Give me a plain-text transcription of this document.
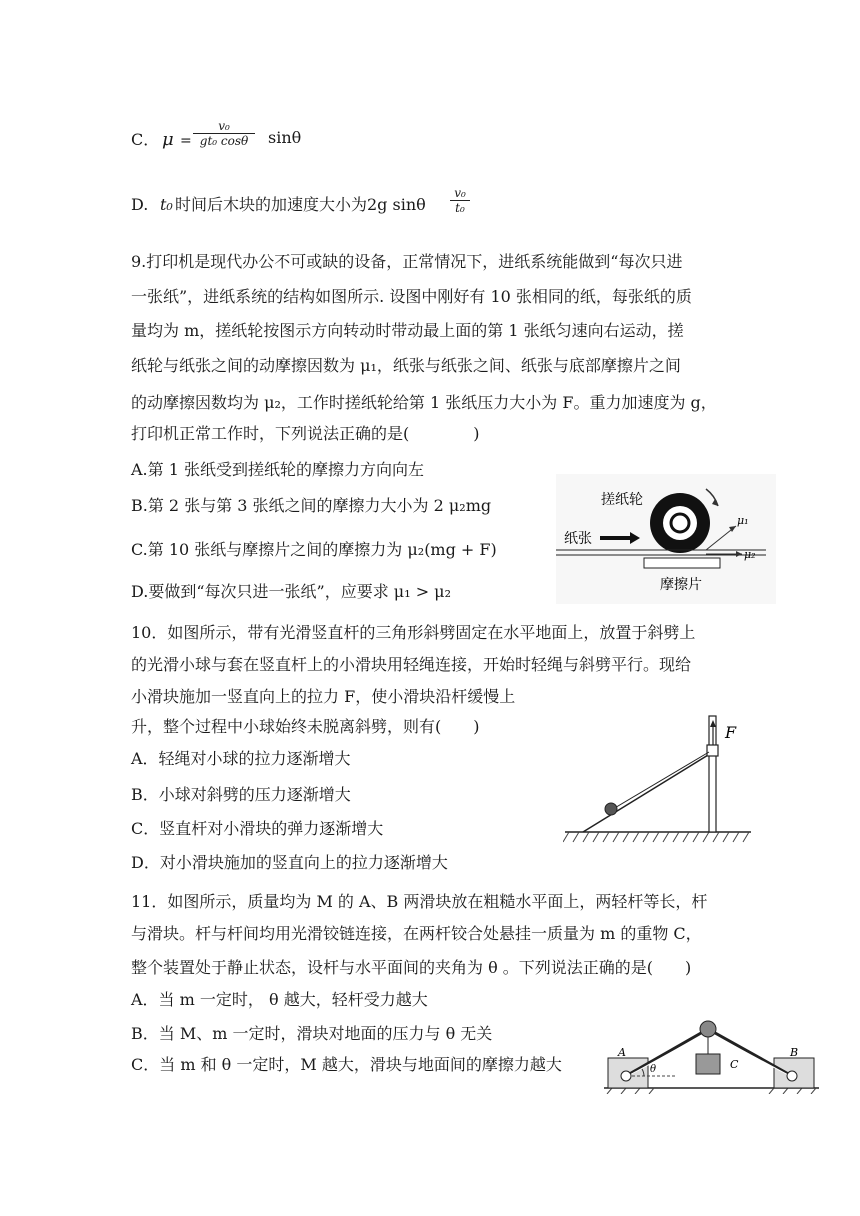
C． $\mu = \frac{\text{v₀}}{\text{gt₀ cosθ}}$ sinθ
D. t₀ 时间后木块的加速度大小为2g sinθ $\frac{\text{v₀}}{\text{t₀}}$
9.打印机是现代办公不可或缺的设备，正常情况下，进纸系统能做到“每次只进
一张纸”，进纸系统的结构如图所示. 设图中刚好有 10 张相同的纸，每张纸的质
量均为 m，搓纸轮按图示方向转动时带动最上面的第 1 张纸匀速向右运动，搓
纸轮与纸张之间的动摩擦因数为 μ₁，纸张与纸张之间、纸张与底部摩擦片之间
的动摩擦因数均为 μ₂，工作时搓纸轮给第 1 张纸压力大小为 F。重力加速度为 g，
打印机正常工作时，下列说法正确的是(　　　　)
A.第 1 张纸受到搓纸轮的摩擦力方向向左
B.第 2 张与第 3 张纸之间的摩擦力大小为 2 μ₂mg
C.第 10 张纸与摩擦片之间的摩擦力为 μ₂(mg + F)
D.要做到“每次只进一张纸”，应要求 μ₁ > μ₂
搓纸轮
纸张
摩擦片
μ₁
μ₂
10．如图所示，带有光滑竖直杆的三角形斜劈固定在水平地面上，放置于斜劈上
的光滑小球与套在竖直杆上的小滑块用轻绳连接，开始时轻绳与斜劈平行。现给
小滑块施加一竖直向上的拉力 F，使小滑块沿杆缓慢上
升，整个过程中小球始终未脱离斜劈，则有(　　)
A．轻绳对小球的拉力逐渐增大
B．小球对斜劈的压力逐渐增大
C．竖直杆对小滑块的弹力逐渐增大
D．对小滑块施加的竖直向上的拉力逐渐增大
F
11．如图所示，质量均为 M 的 A、B 两滑块放在粗糙水平面上，两轻杆等长，杆
与滑块。杆与杆间均用光滑铰链连接，在两杆铰合处悬挂一质量为 m 的重物 C，
整个装置处于静止状态，设杆与水平面间的夹角为 θ 。下列说法正确的是(　　)
A．当 m 一定时， θ 越大，轻杆受力越大
B．当 M、m 一定时，滑块对地面的压力与 θ 无关
C．当 m 和 θ 一定时，M 越大，滑块与地面间的摩擦力越大
A	B
C
θ
